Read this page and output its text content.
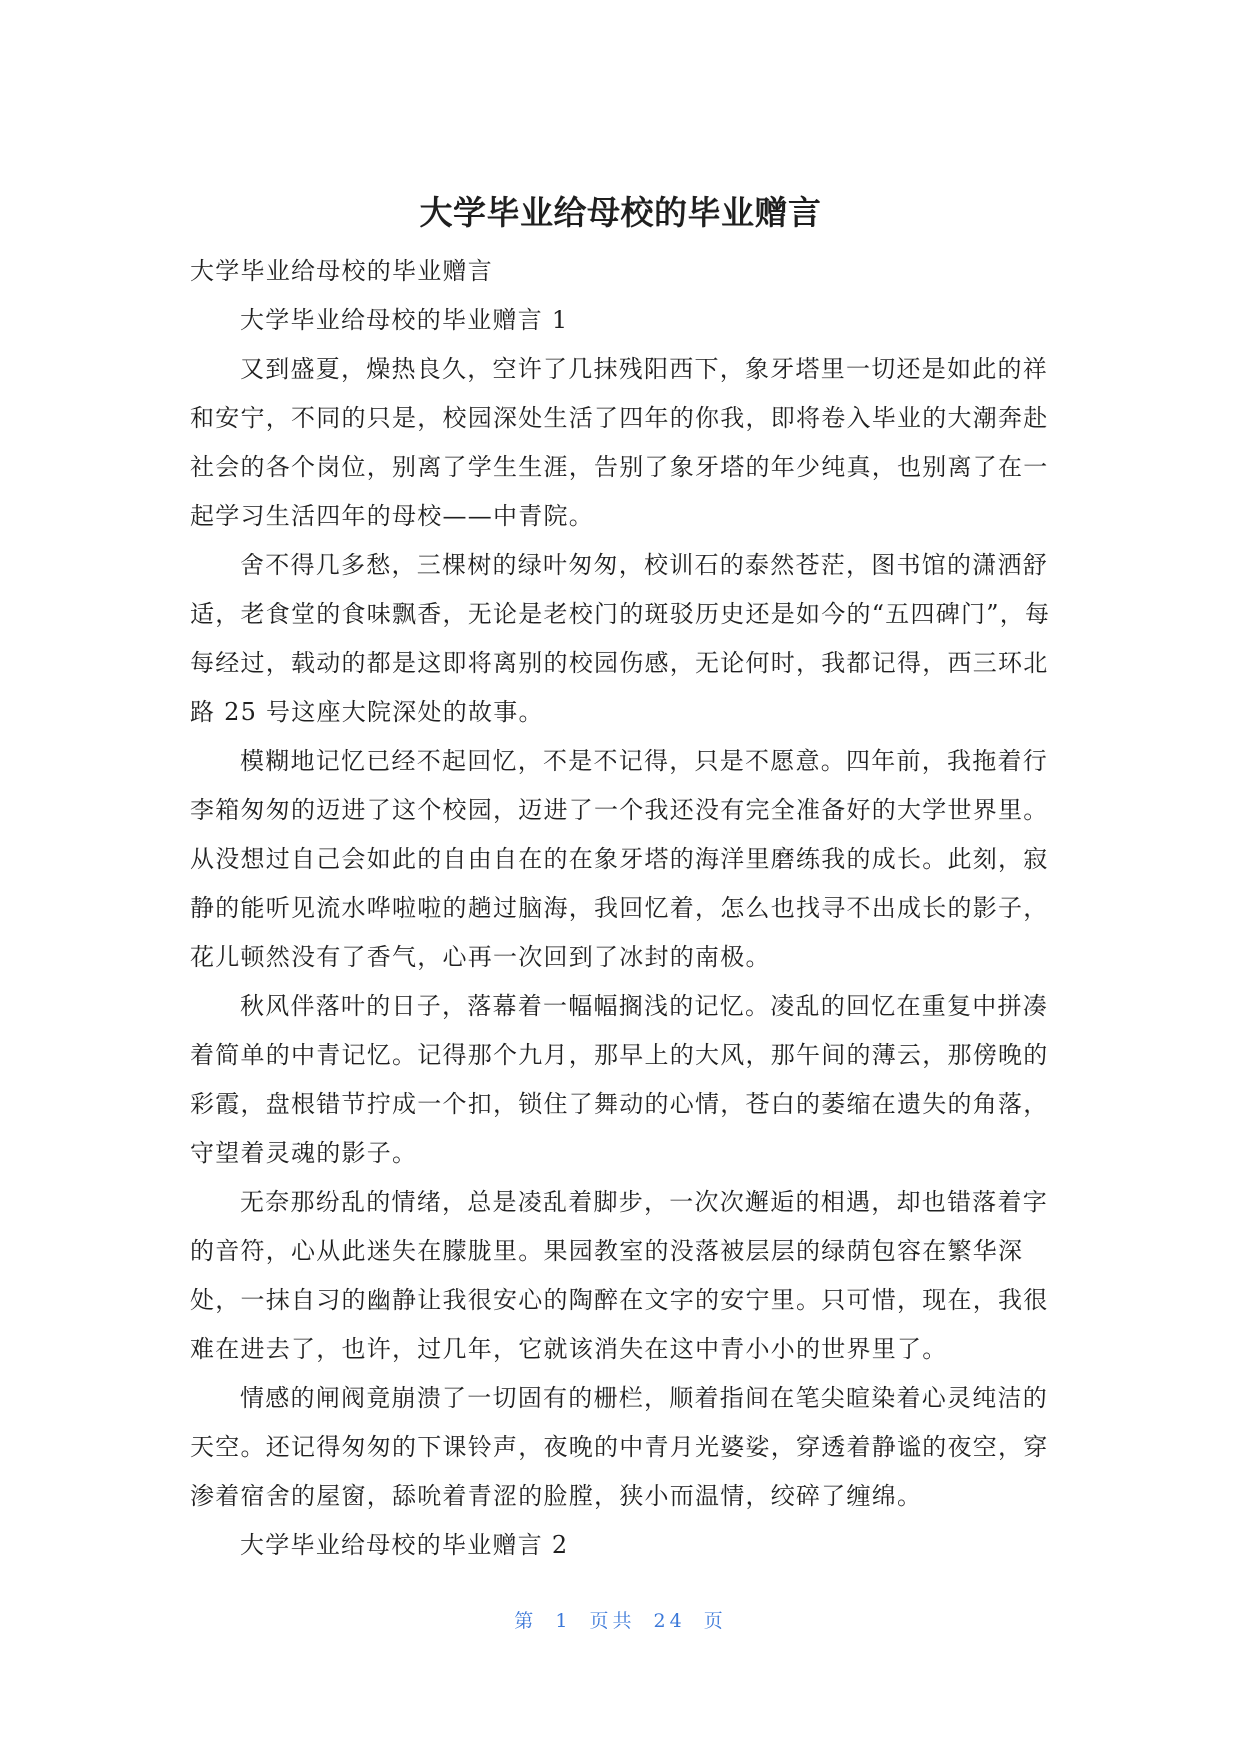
大学毕业给母校的毕业赠言
大学毕业给母校的毕业赠言
大学毕业给母校的毕业赠言 1
又到盛夏，燥热良久，空许了几抹残阳西下，象牙塔里一切还是如此的祥
和安宁，不同的只是，校园深处生活了四年的你我，即将卷入毕业的大潮奔赴
社会的各个岗位，别离了学生生涯，告别了象牙塔的年少纯真，也别离了在一
起学习生活四年的母校——中青院。
舍不得几多愁，三棵树的绿叶匆匆，校训石的泰然苍茫，图书馆的潇洒舒
适，老食堂的食味飘香，无论是老校门的斑驳历史还是如今的“五四碑门”，每
每经过，载动的都是这即将离别的校园伤感，无论何时，我都记得，西三环北
路 25 号这座大院深处的故事。
模糊地记忆已经不起回忆，不是不记得，只是不愿意。四年前，我拖着行
李箱匆匆的迈进了这个校园，迈进了一个我还没有完全准备好的大学世界里。
从没想过自己会如此的自由自在的在象牙塔的海洋里磨练我的成长。此刻，寂
静的能听见流水哗啦啦的趟过脑海，我回忆着，怎么也找寻不出成长的影子，
花儿顿然没有了香气，心再一次回到了冰封的南极。
秋风伴落叶的日子，落幕着一幅幅搁浅的记忆。凌乱的回忆在重复中拼凑
着简单的中青记忆。记得那个九月，那早上的大风，那午间的薄云，那傍晚的
彩霞，盘根错节拧成一个扣，锁住了舞动的心情，苍白的萎缩在遗失的角落，
守望着灵魂的影子。
无奈那纷乱的情绪，总是凌乱着脚步，一次次邂逅的相遇，却也错落着字
的音符，心从此迷失在朦胧里。果园教室的没落被层层的绿荫包容在繁华深
处，一抹自习的幽静让我很安心的陶醉在文字的安宁里。只可惜，现在，我很
难在进去了，也许，过几年，它就该消失在这中青小小的世界里了。
情感的闸阀竟崩溃了一切固有的栅栏，顺着指间在笔尖暄染着心灵纯洁的
天空。还记得匆匆的下课铃声，夜晚的中青月光婆娑，穿透着静谧的夜空，穿
渗着宿舍的屋窗，舔吮着青涩的脸膛，狭小而温情，绞碎了缠绵。
大学毕业给母校的毕业赠言 2
第 1 页共 24 页
